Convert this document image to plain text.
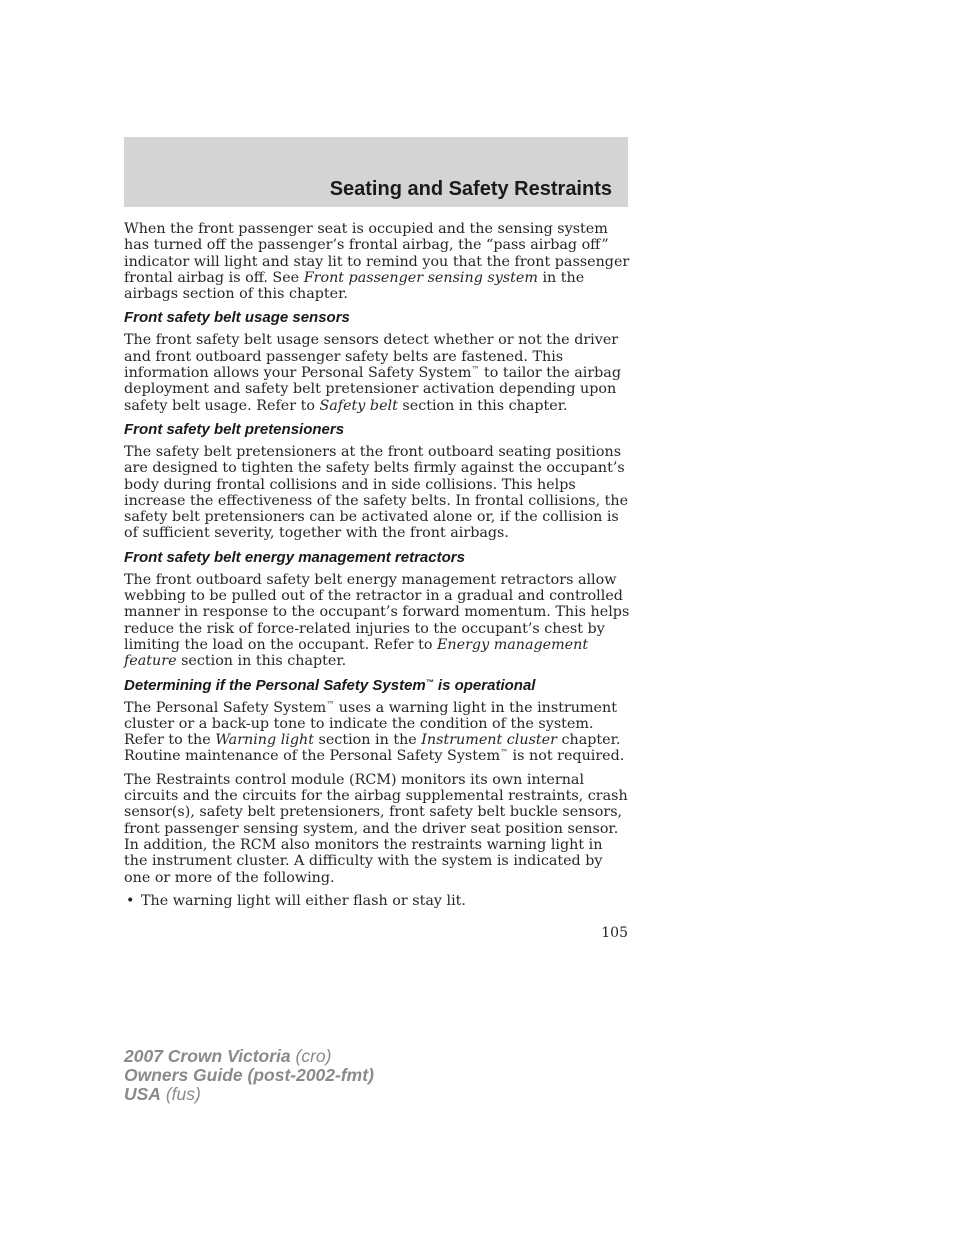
Seating and Safety Restraints

When the front passenger seat is occupied and the sensing system has turned off the passenger’s frontal airbag, the “pass airbag off” indicator will light and stay lit to remind you that the front passenger frontal airbag is off. See Front passenger sensing system in the airbags section of this chapter.

Front safety belt usage sensors

The front safety belt usage sensors detect whether or not the driver and front outboard passenger safety belts are fastened. This information allows your Personal Safety System™ to tailor the airbag deployment and safety belt pretensioner activation depending upon safety belt usage. Refer to Safety belt section in this chapter.

Front safety belt pretensioners

The safety belt pretensioners at the front outboard seating positions are designed to tighten the safety belts firmly against the occupant’s body during frontal collisions and in side collisions. This helps increase the effectiveness of the safety belts. In frontal collisions, the safety belt pretensioners can be activated alone or, if the collision is of sufficient severity, together with the front airbags.

Front safety belt energy management retractors

The front outboard safety belt energy management retractors allow webbing to be pulled out of the retractor in a gradual and controlled manner in response to the occupant’s forward momentum. This helps reduce the risk of force-related injuries to the occupant’s chest by limiting the load on the occupant. Refer to Energy management feature section in this chapter.

Determining if the Personal Safety System™ is operational

The Personal Safety System™ uses a warning light in the instrument cluster or a back-up tone to indicate the condition of the system. Refer to the Warning light section in the Instrument cluster chapter. Routine maintenance of the Personal Safety System™ is not required.

The Restraints control module (RCM) monitors its own internal circuits and the circuits for the airbag supplemental restraints, crash sensor(s), safety belt pretensioners, front safety belt buckle sensors, front passenger sensing system, and the driver seat position sensor. In addition, the RCM also monitors the restraints warning light in the instrument cluster. A difficulty with the system is indicated by one or more of the following.

• The warning light will either flash or stay lit.
105
2007 Crown Victoria (cro)
Owners Guide (post-2002-fmt)
USA (fus)
